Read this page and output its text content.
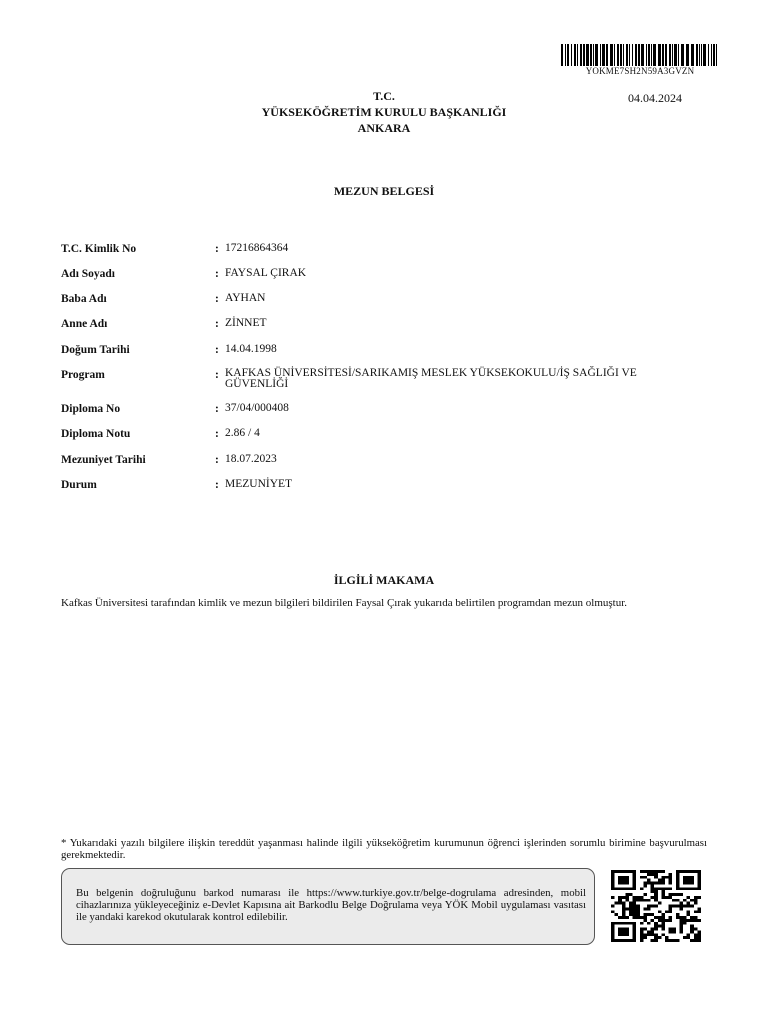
YOKME7SH2N59A3GVZN
04.04.2024
T.C.
YÜKSEKÖĞRETİM KURULU BAŞKANLIĞI
ANKARA
MEZUN BELGESİ
T.C. Kimlik No	: 17216864364
Adı Soyadı	: FAYSAL ÇIRAK
Baba Adı	: AYHAN
Anne Adı	: ZİNNET
Doğum Tarihi	: 14.04.1998
Program	: KAFKAS ÜNİVERSİTESİ/SARIKAMIŞ MESLEK YÜKSEKOKULU/İŞ SAĞLIĞI VE
GÜVENLİĞİ
Diploma No	: 37/04/000408
Diploma Notu	: 2.86 / 4
Mezuniyet Tarihi	: 18.07.2023
Durum	: MEZUNİYET
İLGİLİ MAKAMA
Kafkas Üniversitesi tarafından kimlik ve mezun bilgileri bildirilen Faysal Çırak yukarıda belirtilen programdan mezun olmuştur.
* Yukarıdaki yazılı bilgilere ilişkin tereddüt yaşanması halinde ilgili yükseköğretim kurumunun öğrenci işlerinden sorumlu birimine başvurulması gerekmektedir.
Bu belgenin doğruluğunu barkod numarası ile https://www.turkiye.gov.tr/belge-dogrulama adresinden, mobil cihazlarınıza yükleyeceğiniz e-Devlet Kapısına ait Barkodlu Belge Doğrulama veya YÖK Mobil uygulaması vasıtası ile yandaki karekod okutularak kontrol edilebilir.
